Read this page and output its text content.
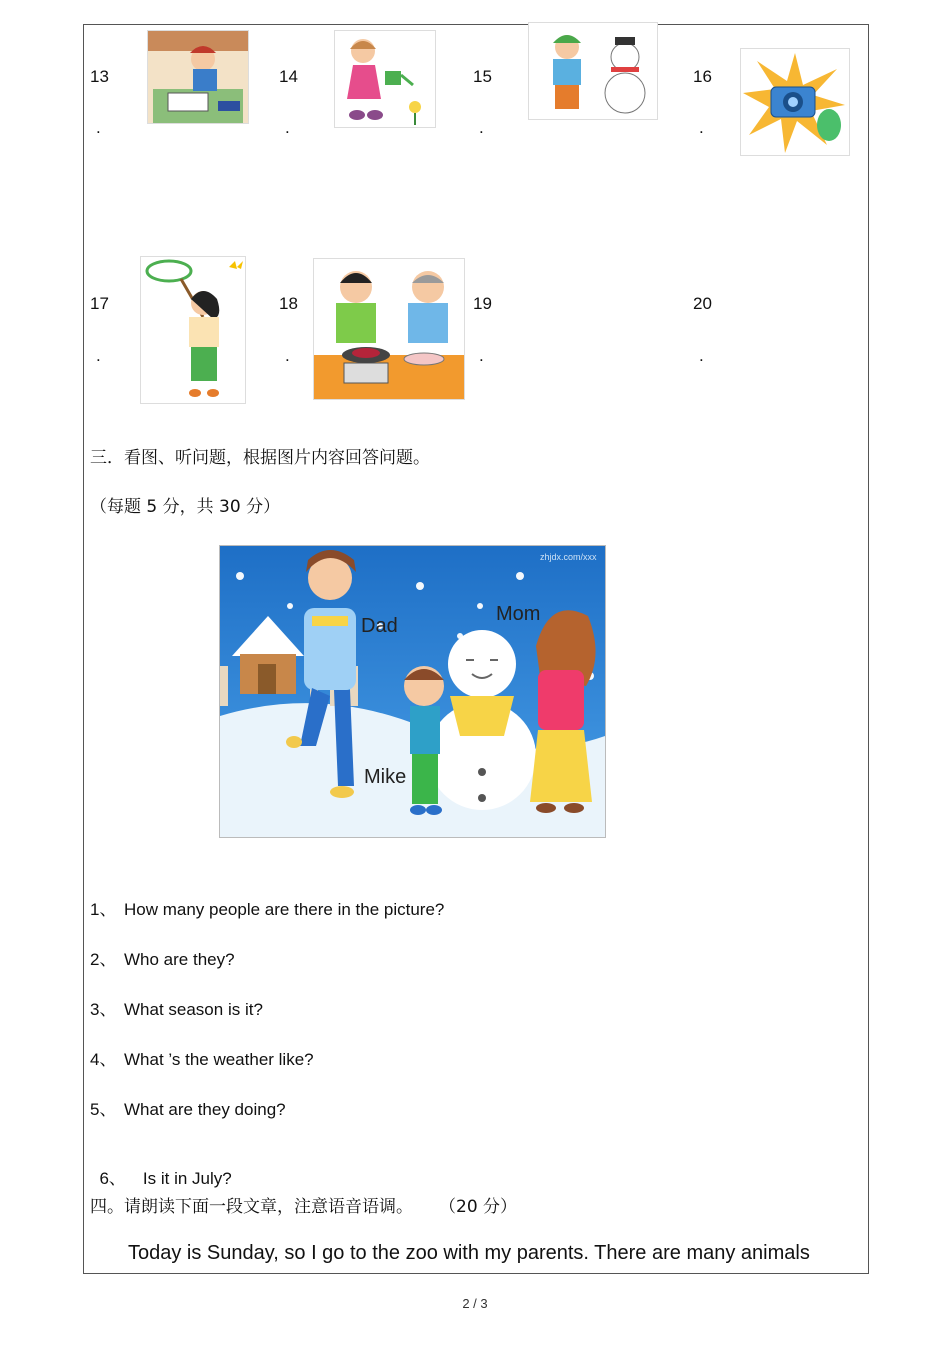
13
.
14
.
15
.
16
.
17
.
18
.
19
.
20
.
三．看图、听问题，根据图片内容回答问题。
（每题 5 分，共 30 分）
zhjdx.com/xxx
Dad
Mom
Mike
1、 How many people are there in the picture?
2、 Who are they?
3、 What season is it?
4、 What ’s the weather like?
5、 What are they doing?

6、  Is it in July?

四。请朗读下面一段文章，注意语音语调。 （20 分）
Today is Sunday, so I go to the zoo with my parents. There are many animals
2 / 3
